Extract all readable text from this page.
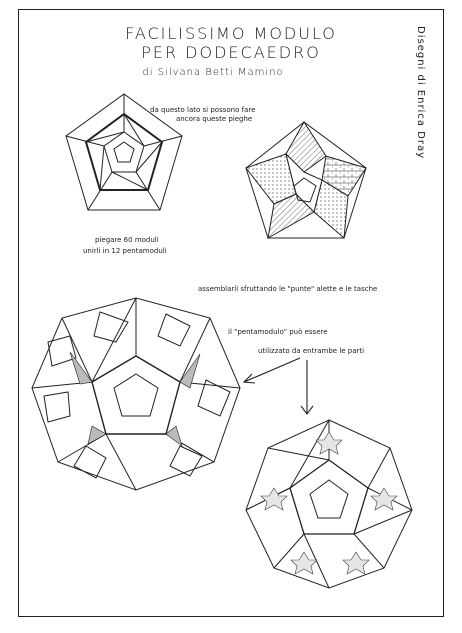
FACILISSIMO MODULO
PER DODECAEDRO
di Silvana Betti Mamino	Disegni di Enrica Dray
da questo lato si possono fare
ancora queste pieghe
piegare 60 moduli
unirli in 12 pentamoduli
assemblarli sfruttando le "punte" alette e le tasche
il "pentamodulo" può essere
utilizzato da entrambe le parti
